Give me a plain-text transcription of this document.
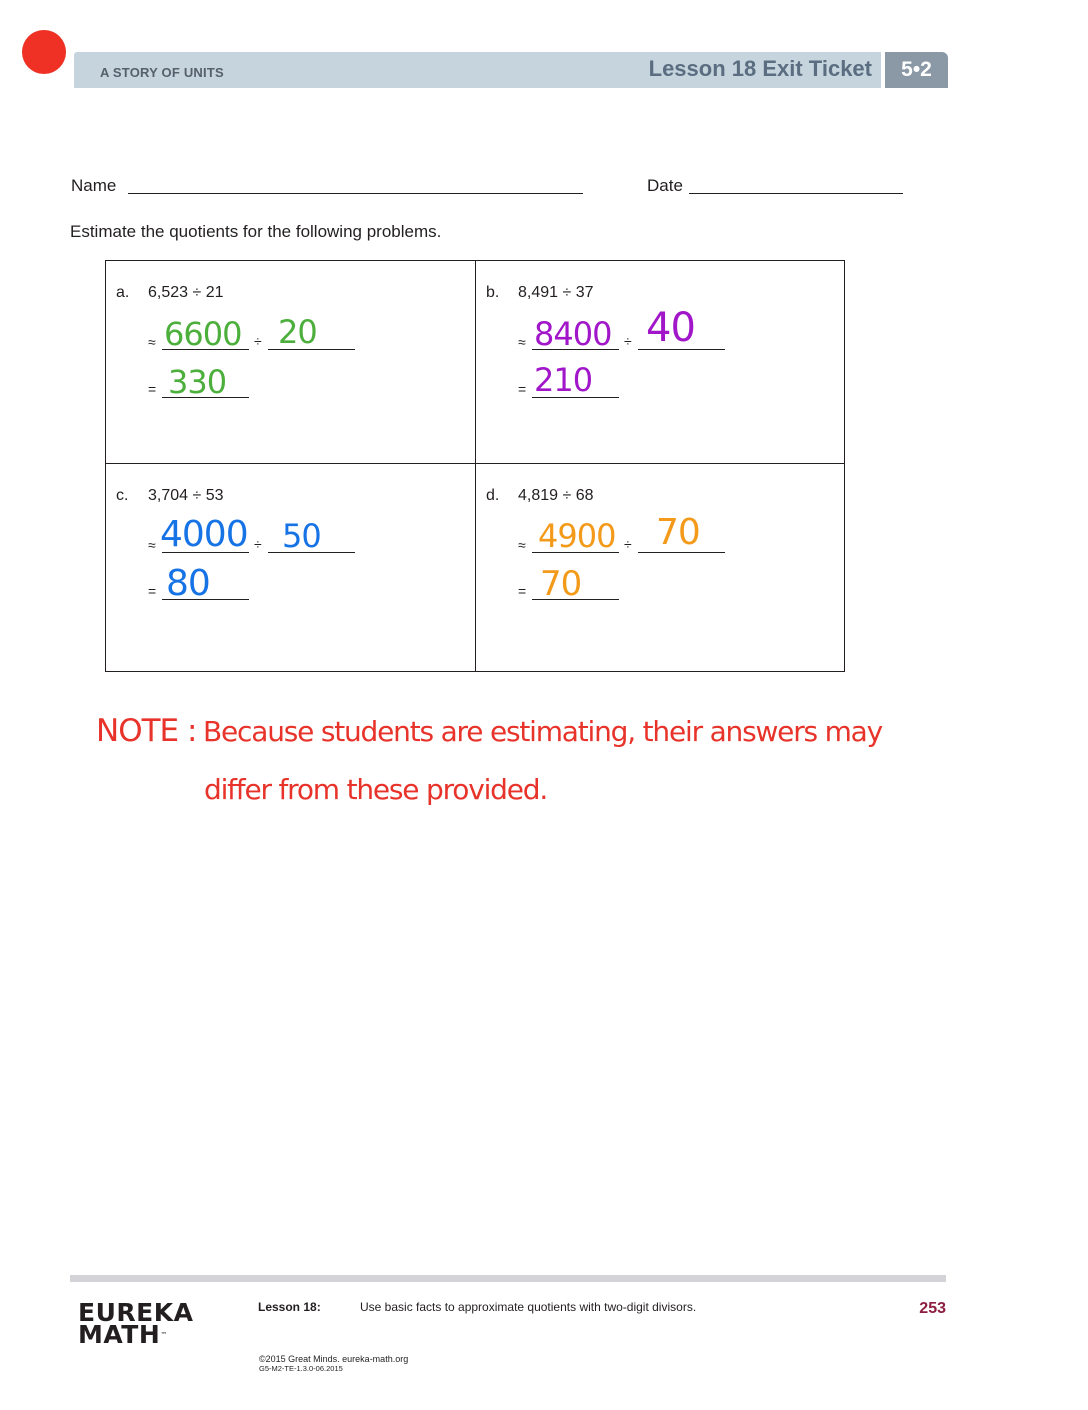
A STORY OF UNITS	Lesson 18 Exit Ticket	5•2
Name	Date
Estimate the quotients for the following problems.
a. 6,523 ÷ 21
≈	÷
=
6600 20
330
b. 8,491 ÷ 37
≈	÷
=
8400 40
210
c. 3,704 ÷ 53
≈	÷
=
4000 50
80
d. 4,819 ÷ 68
≈	÷
=
4900 70
70
NOTE : Because students are estimating, their answers may
differ from these provided.
EUREKA
MATH™
Lesson 18:	Use basic facts to approximate quotients with two-digit divisors.	253
©2015 Great Minds. eureka-math.org
G5-M2-TE-1.3.0-06.2015
